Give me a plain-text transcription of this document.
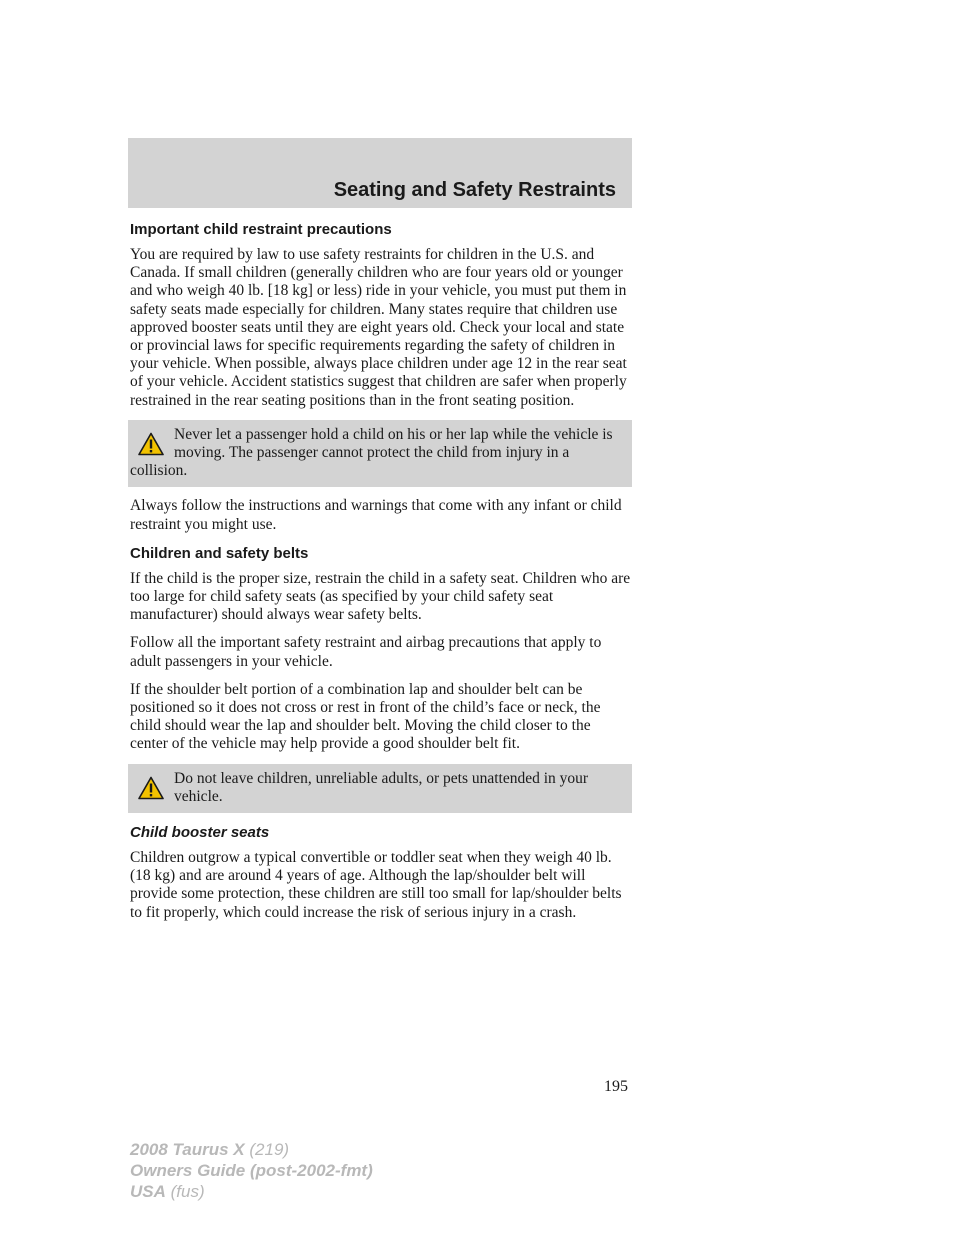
Seating and Safety Restraints
Important child restraint precautions

You are required by law to use safety restraints for children in the U.S. and Canada. If small children (generally children who are four years old or younger and who weigh 40 lb. [18 kg] or less) ride in your vehicle, you must put them in safety seats made especially for children. Many states require that children use approved booster seats until they are eight years old. Check your local and state or provincial laws for specific requirements regarding the safety of children in your vehicle. When possible, always place children under age 12 in the rear seat of your vehicle. Accident statistics suggest that children are safer when properly restrained in the rear seating positions than in the front seating position.

Never let a passenger hold a child on his or her lap while the vehicle is moving. The passenger cannot protect the child from injury in a collision.

Always follow the instructions and warnings that come with any infant or child restraint you might use.

Children and safety belts

If the child is the proper size, restrain the child in a safety seat. Children who are too large for child safety seats (as specified by your child safety seat manufacturer) should always wear safety belts.

Follow all the important safety restraint and airbag precautions that apply to adult passengers in your vehicle.

If the shoulder belt portion of a combination lap and shoulder belt can be positioned so it does not cross or rest in front of the child’s face or neck, the child should wear the lap and shoulder belt. Moving the child closer to the center of the vehicle may help provide a good shoulder belt fit.

Do not leave children, unreliable adults, or pets unattended in your vehicle.
Child booster seats

Children outgrow a typical convertible or toddler seat when they weigh 40 lb. (18 kg) and are around 4 years of age. Although the lap/shoulder belt will provide some protection, these children are still too small for lap/shoulder belts to fit properly, which could increase the risk of serious injury in a crash.

195
2008 Taurus X (219)
Owners Guide (post-2002-fmt)
USA (fus)
